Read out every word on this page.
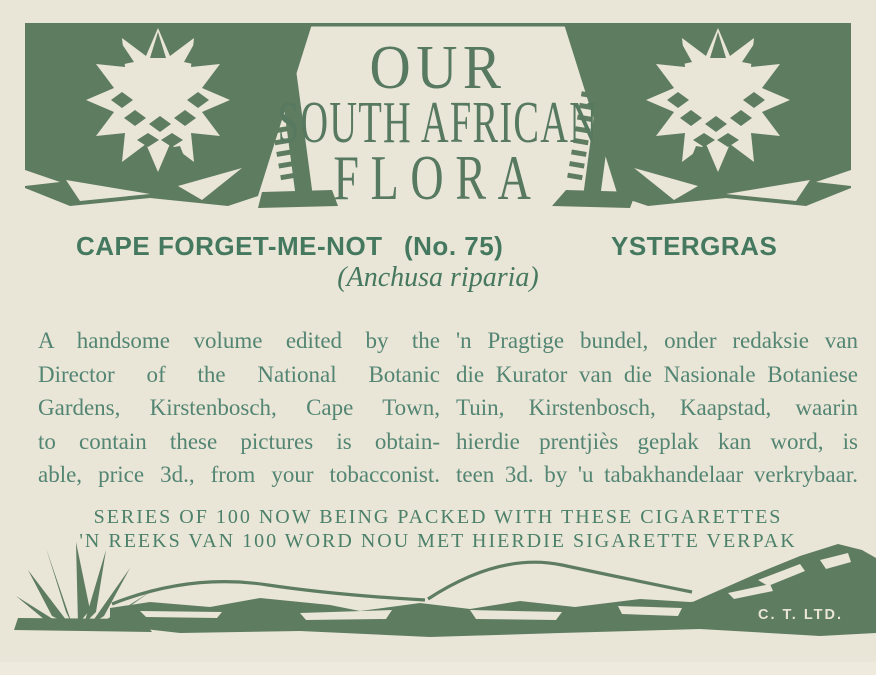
OUR
SOUTH AFRICAN
FLORA
CAPE FORGET-ME-NOT (No. 75)	YSTERGRAS
(Anchusa riparia)
A handsome volume edited by the
Director of the National Botanic
Gardens, Kirstenbosch, Cape Town,
to contain these pictures is obtain-
able, price 3d., from your tobacconist.
'n Pragtige bundel, onder redaksie van
die Kurator van die Nasionale Botaniese
Tuin, Kirstenbosch, Kaapstad, waarin
hierdie prentjiès geplak kan word, is
teen 3d. by 'u tabakhandelaar verkrybaar.
SERIES OF 100 NOW BEING PACKED WITH THESE CIGARETTES
'N REEKS VAN 100 WORD NOU MET HIERDIE SIGARETTE VERPAK
C. T. LTD.
